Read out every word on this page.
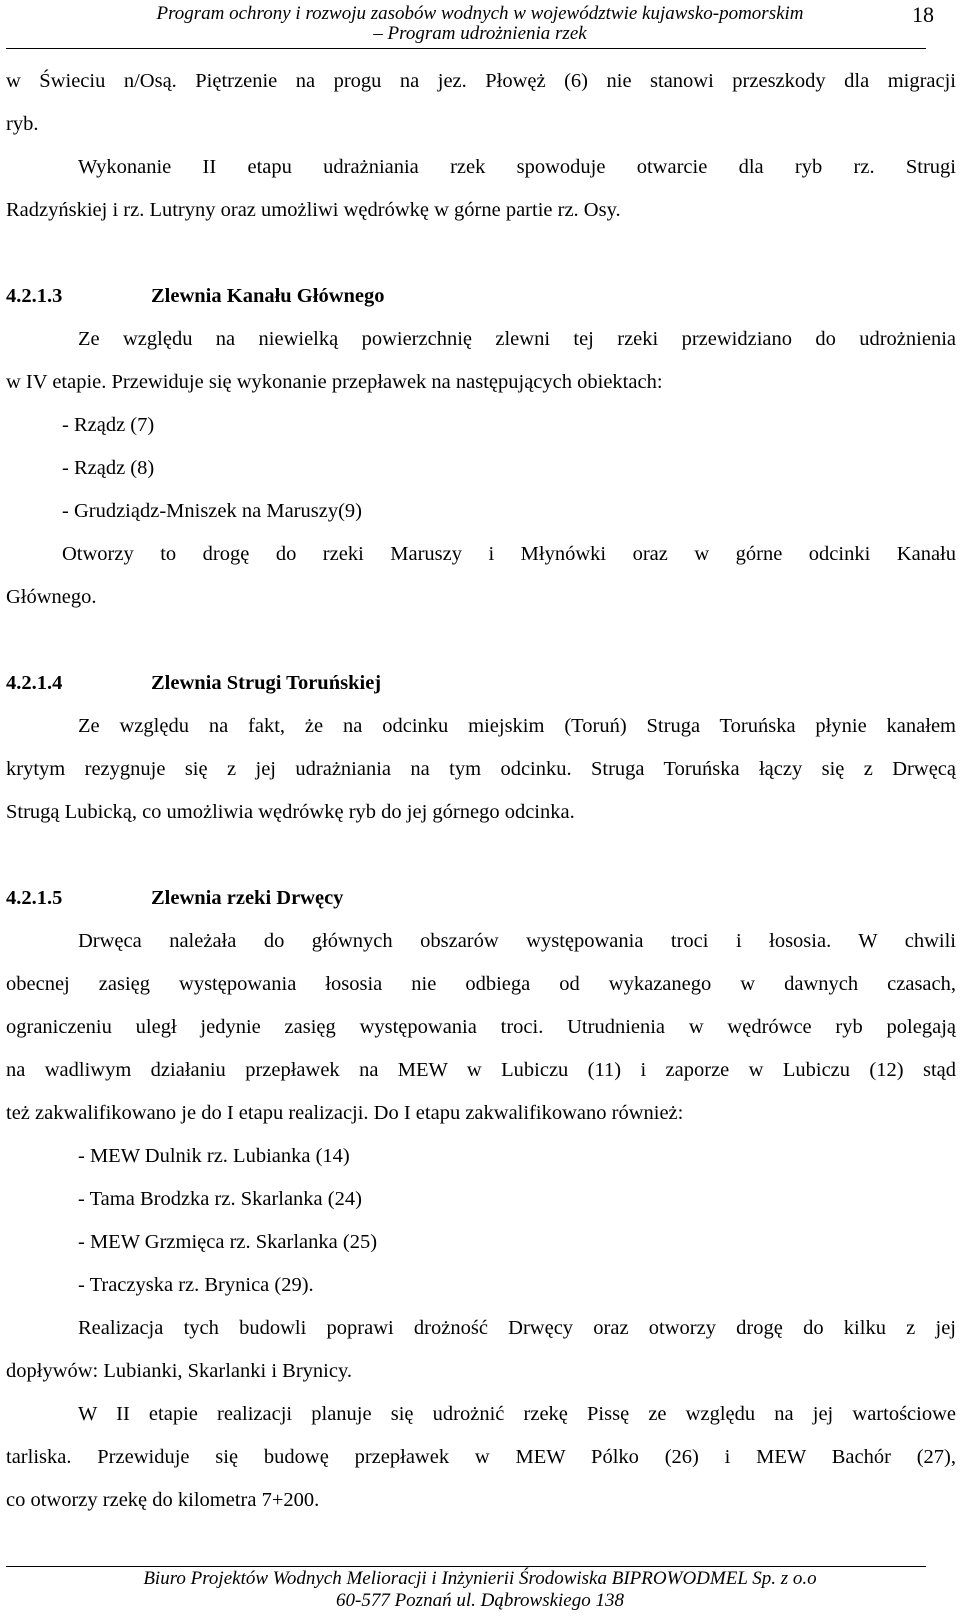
Program ochrony i rozwoju zasobów wodnych w województwie kujawsko-pomorskim
– Program udrożnienia rzek
18

w Świeciu n/Osą. Piętrzenie na progu na jez. Płowęż (6) nie stanowi przeszkody dla migracji

ryb.

Wykonanie II etapu udrażniania rzek spowoduje otwarcie dla ryb rz. Strugi

Radzyńskiej i rz. Lutryny oraz umożliwi wędrówkę w górne partie rz. Osy.

4.2.1.3	Zlewnia Kanału Głównego

Ze względu na niewielką powierzchnię zlewni tej rzeki przewidziano do udrożnienia

w IV etapie. Przewiduje się wykonanie przepławek na następujących obiektach:

- Rządz (7)

- Rządz (8)

- Grudziądz-Mniszek na Maruszy(9)

Otworzy to drogę do rzeki Maruszy i Młynówki oraz w górne odcinki Kanału

Głównego.

4.2.1.4	Zlewnia Strugi Toruńskiej

Ze względu na fakt, że na odcinku miejskim (Toruń) Struga Toruńska płynie kanałem

krytym rezygnuje się z jej udrażniania na tym odcinku. Struga Toruńska łączy się z Drwęcą

Strugą Lubicką, co umożliwia wędrówkę ryb do jej górnego odcinka.

4.2.1.5	Zlewnia rzeki Drwęcy

Drwęca należała do głównych obszarów występowania troci i łososia. W chwili

obecnej zasięg występowania łososia nie odbiega od wykazanego w dawnych czasach,

ograniczeniu uległ jedynie zasięg występowania troci. Utrudnienia w wędrówce ryb polegają

na wadliwym działaniu przepławek na MEW w Lubiczu (11) i zaporze w Lubiczu (12) stąd

też zakwalifikowano je do I etapu realizacji. Do I etapu zakwalifikowano również:

- MEW Dulnik rz. Lubianka (14)

- Tama Brodzka rz. Skarlanka (24)

- MEW Grzmięca rz. Skarlanka (25)

- Traczyska rz. Brynica (29).

Realizacja tych budowli poprawi drożność Drwęcy oraz otworzy drogę do kilku z jej

dopływów: Lubianki, Skarlanki i Brynicy.

W II etapie realizacji planuje się udrożnić rzekę Pissę ze względu na jej wartościowe

tarliska. Przewiduje się budowę przepławek w MEW Pólko (26) i MEW Bachór (27),

co otworzy rzekę do kilometra 7+200.

Biuro Projektów Wodnych Melioracji i Inżynierii Środowiska BIPROWODMEL Sp. z o.o
60-577 Poznań ul. Dąbrowskiego 138
